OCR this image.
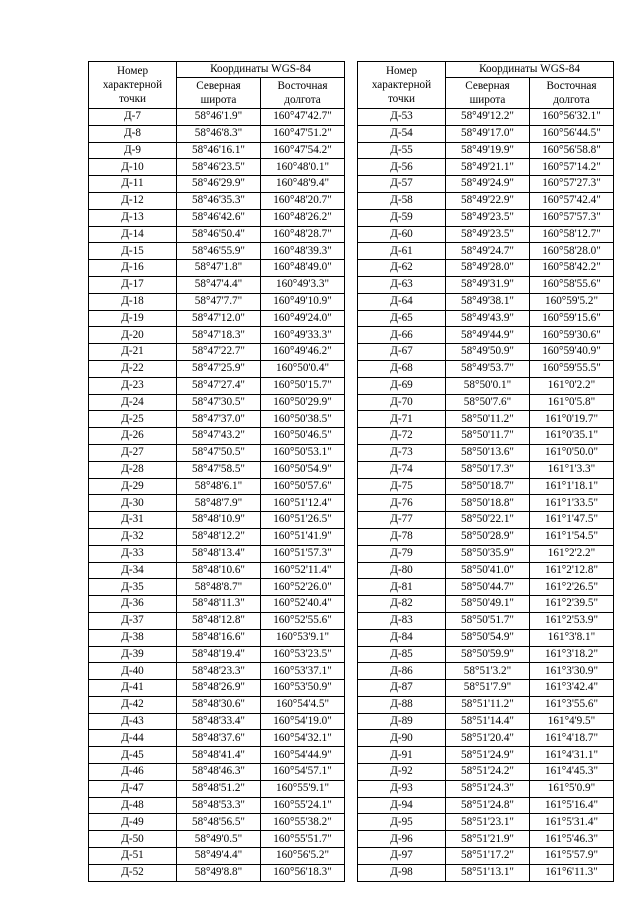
Номер
характерной
точки	Координаты WGS-84	

	Северная
широта	Восточная
долгота

Д-7	58°46'1.9"	160°47'42.7"
Д-8	58°46'8.3"	160°47'51.2"
Д-9	58°46'16.1"	160°47'54.2"
Д-10	58°46'23.5"	160°48'0.1"
Д-11	58°46'29.9"	160°48'9.4"
Д-12	58°46'35.3"	160°48'20.7"
Д-13	58°46'42.6"	160°48'26.2"
Д-14	58°46'50.4"	160°48'28.7"
Д-15	58°46'55.9"	160°48'39.3"
Д-16	58°47'1.8"	160°48'49.0"
Д-17	58°47'4.4"	160°49'3.3"
Д-18	58°47'7.7"	160°49'10.9"
Д-19	58°47'12.0"	160°49'24.0"
Д-20	58°47'18.3"	160°49'33.3"
Д-21	58°47'22.7"	160°49'46.2"
Д-22	58°47'25.9"	160°50'0.4"
Д-23	58°47'27.4"	160°50'15.7"
Д-24	58°47'30.5"	160°50'29.9"
Д-25	58°47'37.0"	160°50'38.5"
Д-26	58°47'43.2"	160°50'46.5"
Д-27	58°47'50.5"	160°50'53.1"
Д-28	58°47'58.5"	160°50'54.9"
Д-29	58°48'6.1"	160°50'57.6"
Д-30	58°48'7.9"	160°51'12.4"
Д-31	58°48'10.9"	160°51'26.5"
Д-32	58°48'12.2"	160°51'41.9"
Д-33	58°48'13.4"	160°51'57.3"
Д-34	58°48'10.6"	160°52'11.4"
Д-35	58°48'8.7"	160°52'26.0"
Д-36	58°48'11.3"	160°52'40.4"
Д-37	58°48'12.8"	160°52'55.6"
Д-38	58°48'16.6"	160°53'9.1"
Д-39	58°48'19.4"	160°53'23.5"
Д-40	58°48'23.3"	160°53'37.1"
Д-41	58°48'26.9"	160°53'50.9"
Д-42	58°48'30.6"	160°54'4.5"
Д-43	58°48'33.4"	160°54'19.0"
Д-44	58°48'37.6"	160°54'32.1"
Д-45	58°48'41.4"	160°54'44.9"
Д-46	58°48'46.3"	160°54'57.1"
Д-47	58°48'51.2"	160°55'9.1"
Д-48	58°48'53.3"	160°55'24.1"
Д-49	58°48'56.5"	160°55'38.2"
Д-50	58°49'0.5"	160°55'51.7"
Д-51	58°49'4.4"	160°56'5.2"
Д-52	58°49'8.8"	160°56'18.3"
Номер
характерной
точки	Координаты WGS-84	

	Северная
широта	Восточная
долгота

Д-53	58°49'12.2"	160°56'32.1"
Д-54	58°49'17.0"	160°56'44.5"
Д-55	58°49'19.9"	160°56'58.8"
Д-56	58°49'21.1"	160°57'14.2"
Д-57	58°49'24.9"	160°57'27.3"
Д-58	58°49'22.9"	160°57'42.4"
Д-59	58°49'23.5"	160°57'57.3"
Д-60	58°49'23.5"	160°58'12.7"
Д-61	58°49'24.7"	160°58'28.0"
Д-62	58°49'28.0"	160°58'42.2"
Д-63	58°49'31.9"	160°58'55.6"
Д-64	58°49'38.1"	160°59'5.2"
Д-65	58°49'43.9"	160°59'15.6"
Д-66	58°49'44.9"	160°59'30.6"
Д-67	58°49'50.9"	160°59'40.9"
Д-68	58°49'53.7"	160°59'55.5"
Д-69	58°50'0.1"	161°0'2.2"
Д-70	58°50'7.6"	161°0'5.8"
Д-71	58°50'11.2"	161°0'19.7"
Д-72	58°50'11.7"	161°0'35.1"
Д-73	58°50'13.6"	161°0'50.0"
Д-74	58°50'17.3"	161°1'3.3"
Д-75	58°50'18.7"	161°1'18.1"
Д-76	58°50'18.8"	161°1'33.5"
Д-77	58°50'22.1"	161°1'47.5"
Д-78	58°50'28.9"	161°1'54.5"
Д-79	58°50'35.9"	161°2'2.2"
Д-80	58°50'41.0"	161°2'12.8"
Д-81	58°50'44.7"	161°2'26.5"
Д-82	58°50'49.1"	161°2'39.5"
Д-83	58°50'51.7"	161°2'53.9"
Д-84	58°50'54.9"	161°3'8.1"
Д-85	58°50'59.9"	161°3'18.2"
Д-86	58°51'3.2"	161°3'30.9"
Д-87	58°51'7.9"	161°3'42.4"
Д-88	58°51'11.2"	161°3'55.6"
Д-89	58°51'14.4"	161°4'9.5"
Д-90	58°51'20.4"	161°4'18.7"
Д-91	58°51'24.9"	161°4'31.1"
Д-92	58°51'24.2"	161°4'45.3"
Д-93	58°51'24.3"	161°5'0.9"
Д-94	58°51'24.8"	161°5'16.4"
Д-95	58°51'23.1"	161°5'31.4"
Д-96	58°51'21.9"	161°5'46.3"
Д-97	58°51'17.2"	161°5'57.9"
Д-98	58°51'13.1"	161°6'11.3"
